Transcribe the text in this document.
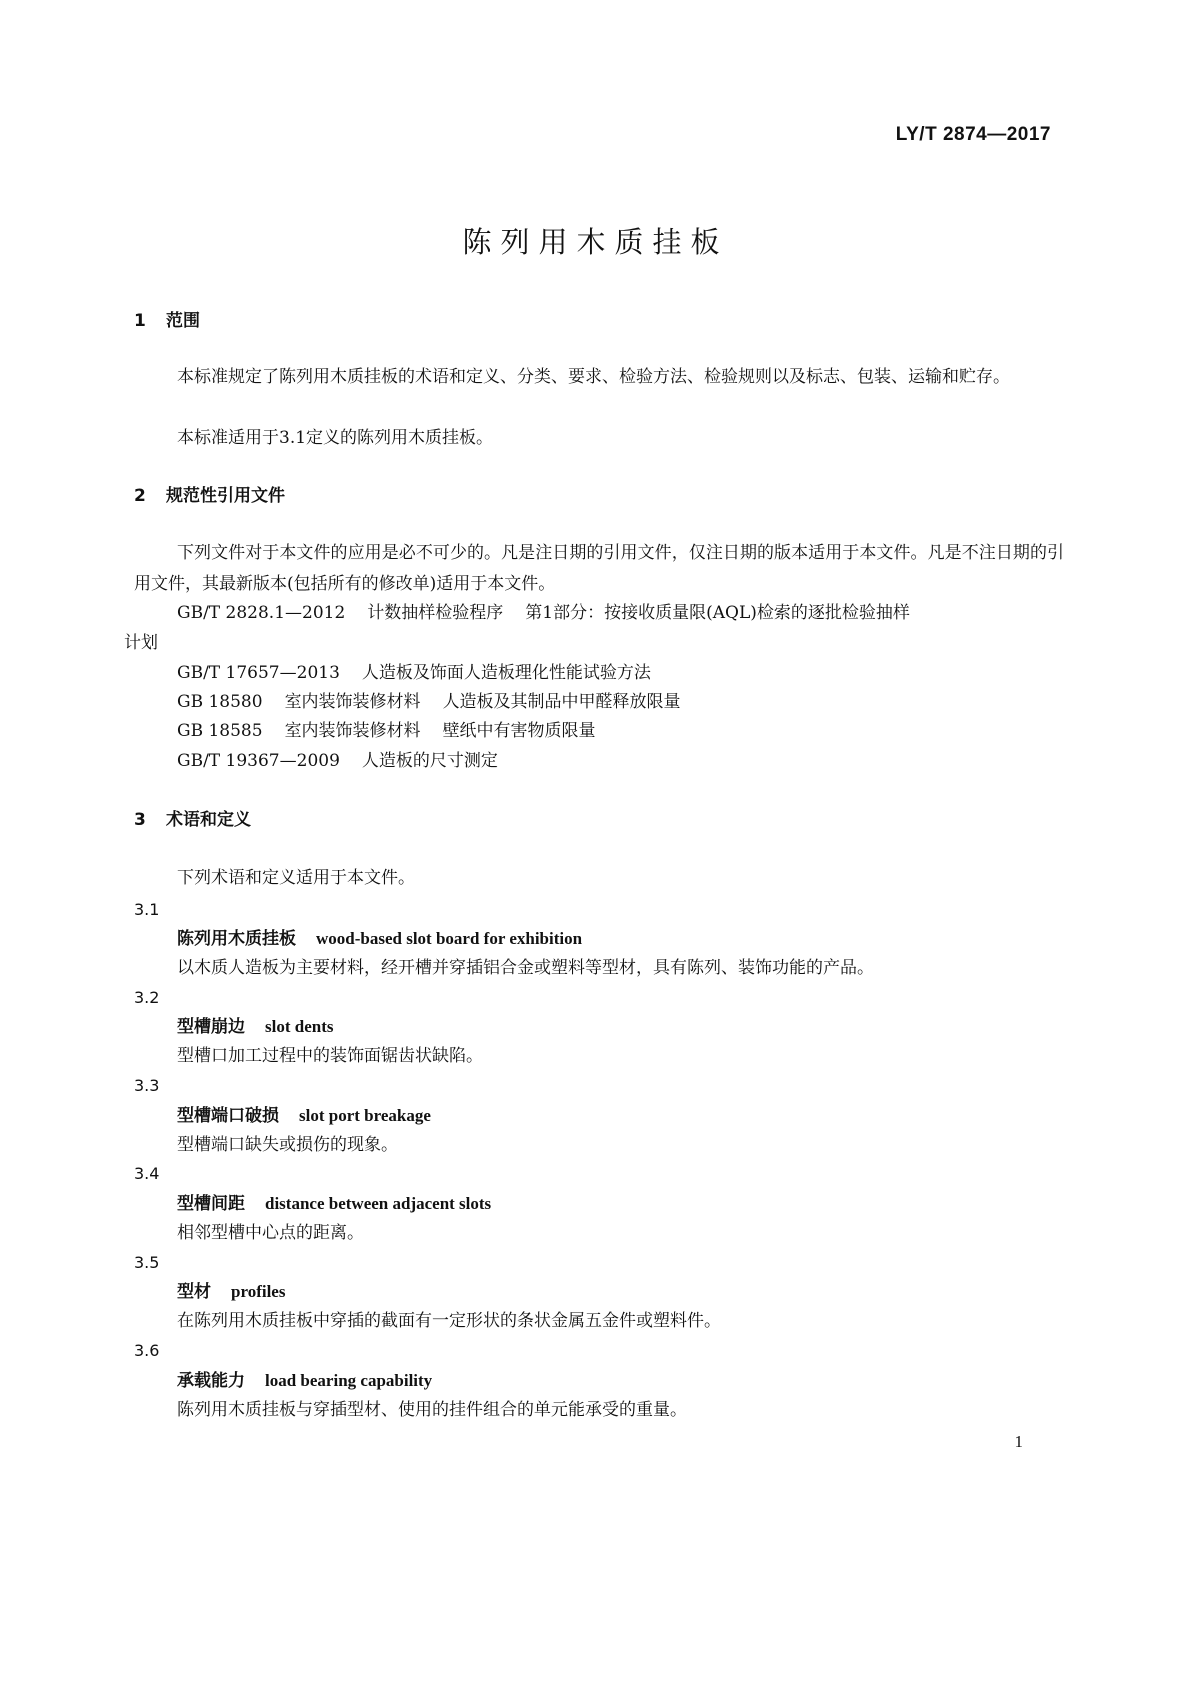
LY/T 2874—2017
陈列用木质挂板
1 范围
本标准规定了陈列用木质挂板的术语和定义、分类、要求、检验方法、检验规则以及标志、包装、运输和贮存。
本标准适用于3.1定义的陈列用木质挂板。
2 规范性引用文件
下列文件对于本文件的应用是必不可少的。凡是注日期的引用文件，仅注日期的版本适用于本文件。凡是不注日期的引用文件，其最新版本(包括所有的修改单)适用于本文件。
GB/T 2828.1—2012 计数抽样检验程序 第1部分：按接收质量限(AQL)检索的逐批检验抽样
计划
GB/T 17657—2013 人造板及饰面人造板理化性能试验方法
GB 18580 室内装饰装修材料 人造板及其制品中甲醛释放限量
GB 18585 室内装饰装修材料 壁纸中有害物质限量
GB/T 19367—2009 人造板的尺寸测定
3 术语和定义
下列术语和定义适用于本文件。
3.1
陈列用木质挂板 wood-based slot board for exhibition
以木质人造板为主要材料，经开槽并穿插铝合金或塑料等型材，具有陈列、装饰功能的产品。
3.2
型槽崩边 slot dents
型槽口加工过程中的装饰面锯齿状缺陷。
3.3
型槽端口破损 slot port breakage
型槽端口缺失或损伤的现象。
3.4
型槽间距 distance between adjacent slots
相邻型槽中心点的距离。
3.5
型材 profiles
在陈列用木质挂板中穿插的截面有一定形状的条状金属五金件或塑料件。
3.6
承载能力 load bearing capability
陈列用木质挂板与穿插型材、使用的挂件组合的单元能承受的重量。
1
